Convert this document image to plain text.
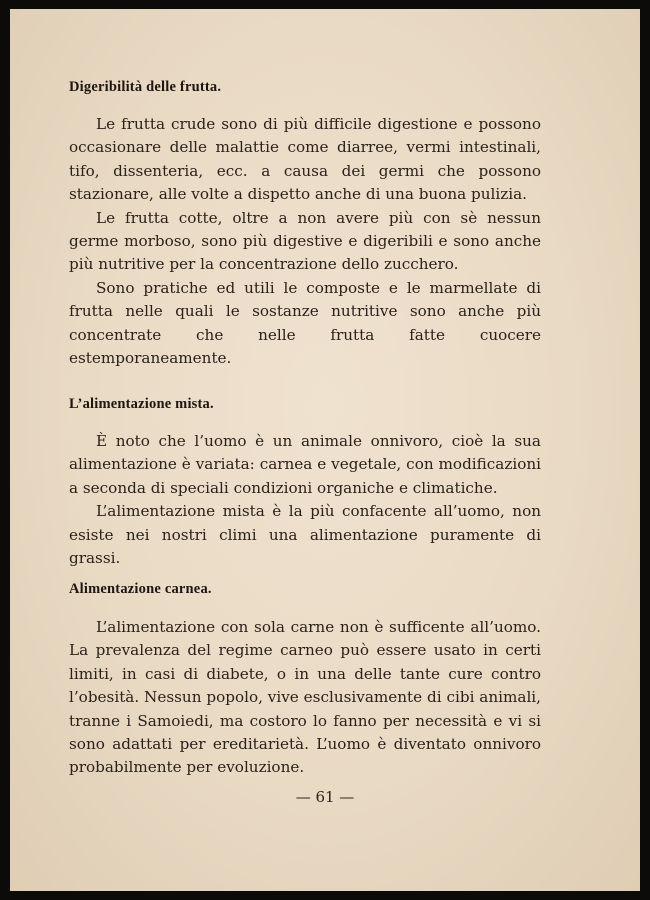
Digeribilità delle frutta.

Le frutta crude sono di più difficile digestione e possono occasionare delle malattie come diarree, vermi intestinali, tifo, dissenteria, ecc. a causa dei germi che possono stazionare, alle volte a dispetto anche di una buona pulizia.

Le frutta cotte, oltre a non avere più con sè nessun germe morboso, sono più digestive e digeribili e sono anche più nutritive per la concentrazione dello zucchero.

Sono pratiche ed utili le composte e le marmellate di frutta nelle quali le sostanze nutritive sono anche più concentrate che nelle frutta fatte cuocere estemporaneamente.

L’alimentazione mista.

È noto che l’uomo è un animale onnivoro, cioè la sua alimentazione è variata: carnea e vegetale, con modificazioni a seconda di speciali condizioni organiche e climatiche.

L’alimentazione mista è la più confacente all’uomo, non esiste nei nostri climi una alimentazione puramente di grassi.

Alimentazione carnea.

L’alimentazione con sola carne non è sufficente all’uomo. La prevalenza del regime carneo può essere usato in certi limiti, in casi di diabete, o in una delle tante cure contro l’obesità. Nessun popolo, vive esclusivamente di cibi animali, tranne i Samoiedi, ma costoro lo fanno per necessità e vi si sono adattati per ereditarietà. L’uomo è diventato onnivoro probabilmente per evoluzione.

— 61 —
